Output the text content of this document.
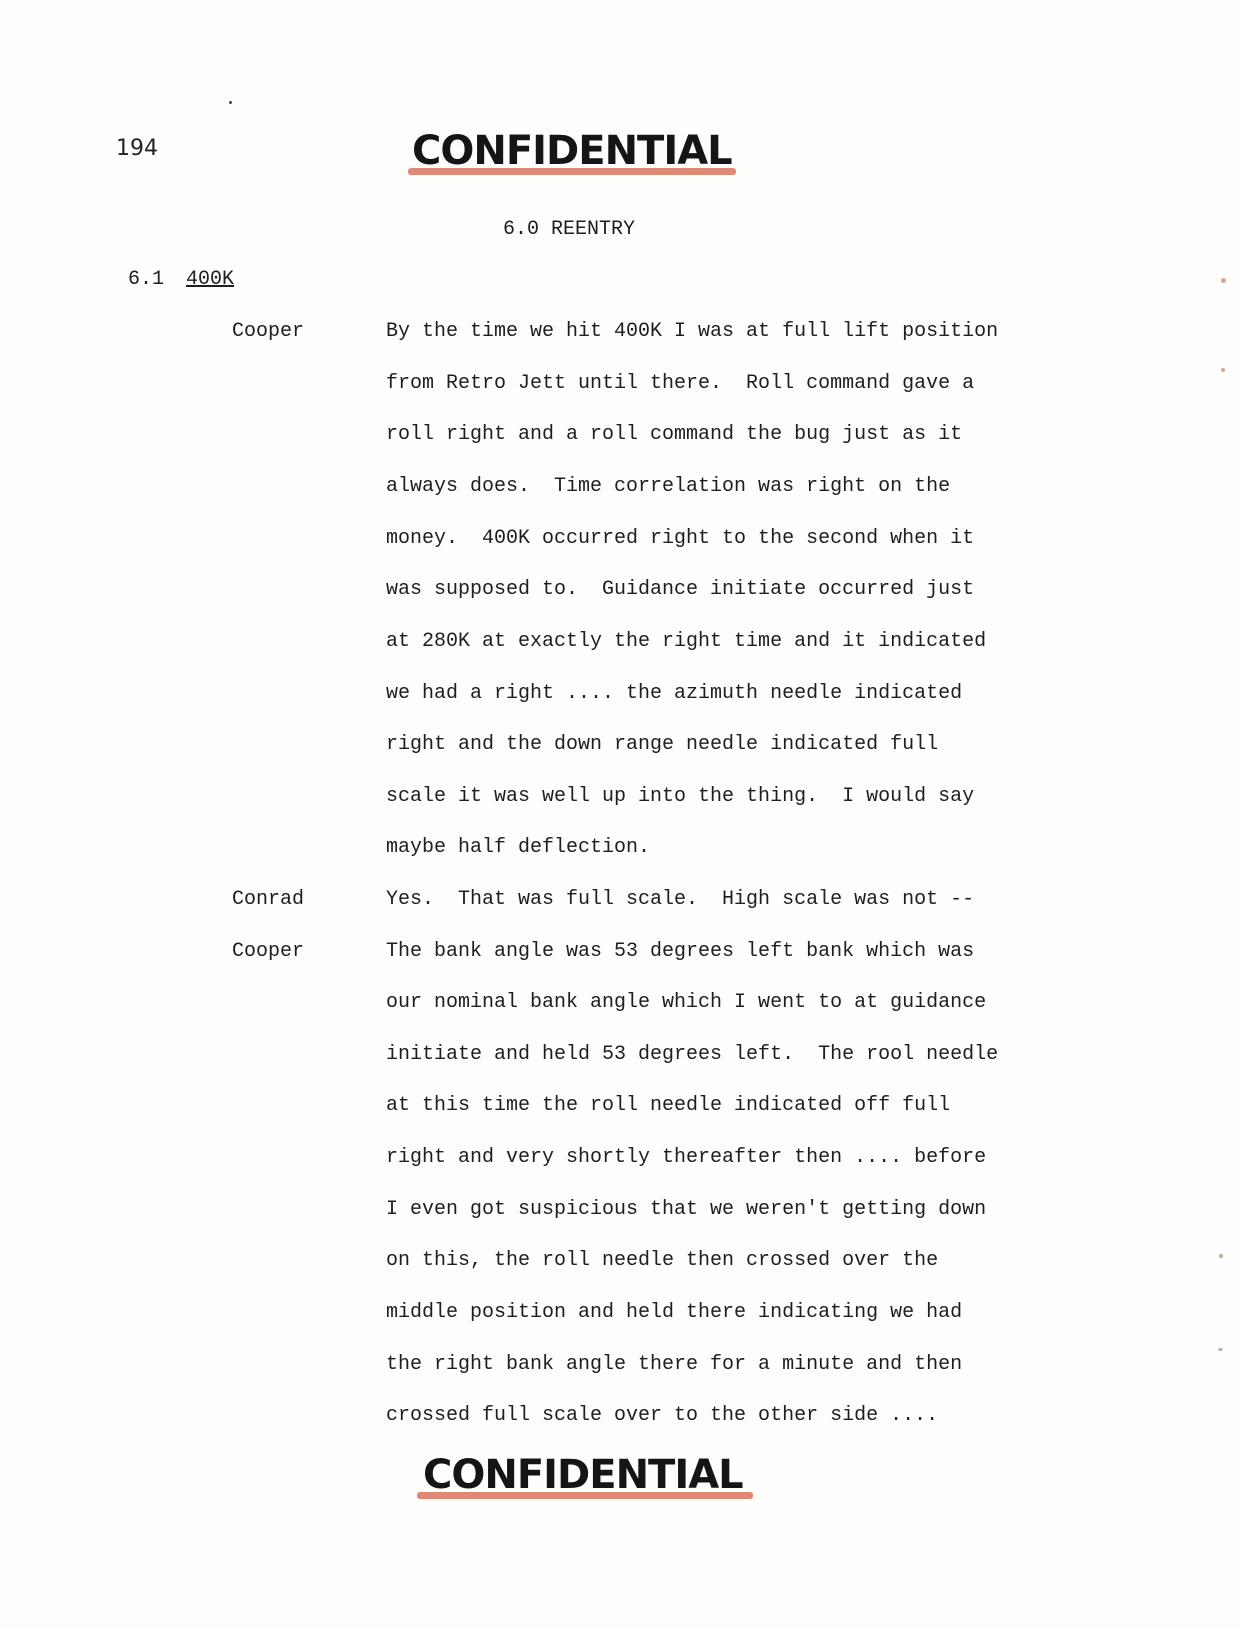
194	CONFIDENTIAL
6.0 REENTRY
6.1 400K
Cooper
Conrad
Cooper
By the time we hit 400K I was at full lift position
from Retro Jett until there.  Roll command gave a
roll right and a roll command the bug just as it
always does.  Time correlation was right on the
money.  400K occurred right to the second when it
was supposed to.  Guidance initiate occurred just
at 280K at exactly the right time and it indicated
we had a right .... the azimuth needle indicated
right and the down range needle indicated full
scale it was well up into the thing.  I would say
maybe half deflection.
Yes.  That was full scale.  High scale was not --
The bank angle was 53 degrees left bank which was
our nominal bank angle which I went to at guidance
initiate and held 53 degrees left.  The rool needle
at this time the roll needle indicated off full
right and very shortly thereafter then .... before
I even got suspicious that we weren't getting down
on this, the roll needle then crossed over the
middle position and held there indicating we had
the right bank angle there for a minute and then
crossed full scale over to the other side ....
CONFIDENTIAL
